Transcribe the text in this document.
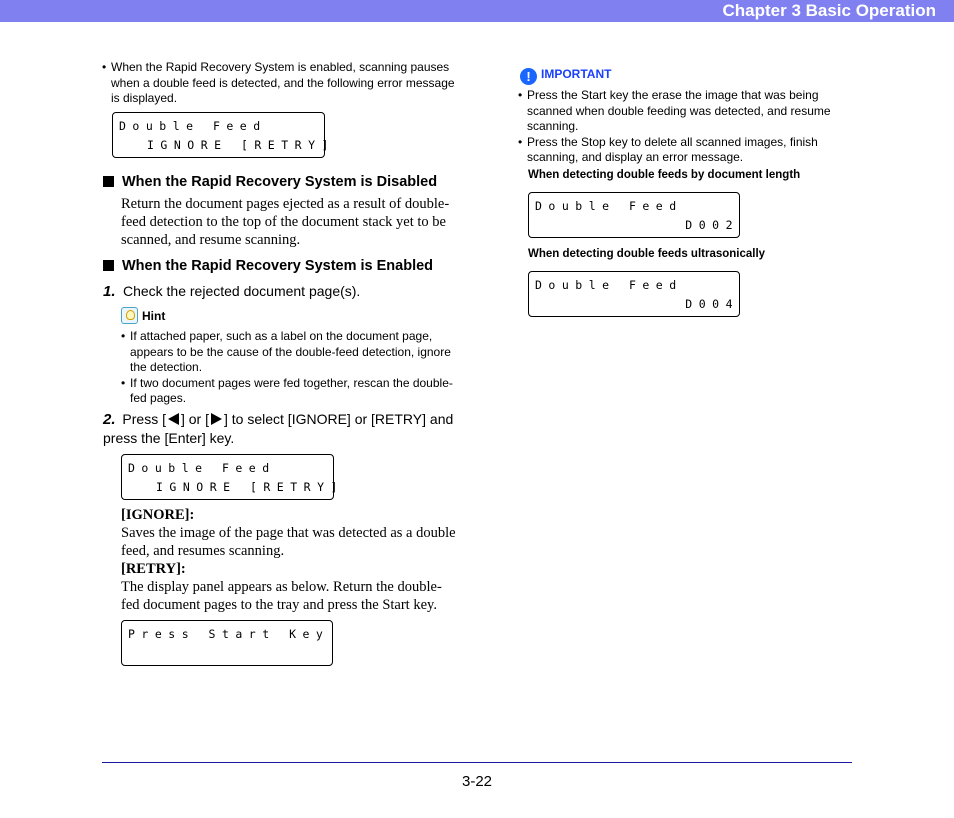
Chapter 3 Basic Operation
• When the Rapid Recovery System is enabled, scanning pauses when a double feed is detected, and the following error message is displayed.
Double Feed
IGNORE [RETRY]
When the Rapid Recovery System is Disabled
Return the document pages ejected as a result of double-feed detection to the top of the document stack yet to be scanned, and resume scanning.
When the Rapid Recovery System is Enabled
1. Check the rejected document page(s).
Hint
• If attached paper, such as a label on the document page, appears to be the cause of the double-feed detection, ignore the detection.
• If two document pages were fed together, rescan the double-fed pages.
2. Press [ ] or [ ] to select [IGNORE] or [RETRY] and press the [Enter] key.
Double Feed
IGNORE [RETRY]
[IGNORE]:
Saves the image of the page that was detected as a double feed, and resumes scanning.
[RETRY]:
The display panel appears as below. Return the double-fed document pages to the tray and press the Start key.
Press Start Key
! IMPORTANT
• Press the Start key the erase the image that was being scanned when double feeding was detected, and resume scanning.
• Press the Stop key to delete all scanned images, finish scanning, and display an error message.
When detecting double feeds by document length
Double Feed
D002
When detecting double feeds ultrasonically
Double Feed
D004
3-22
